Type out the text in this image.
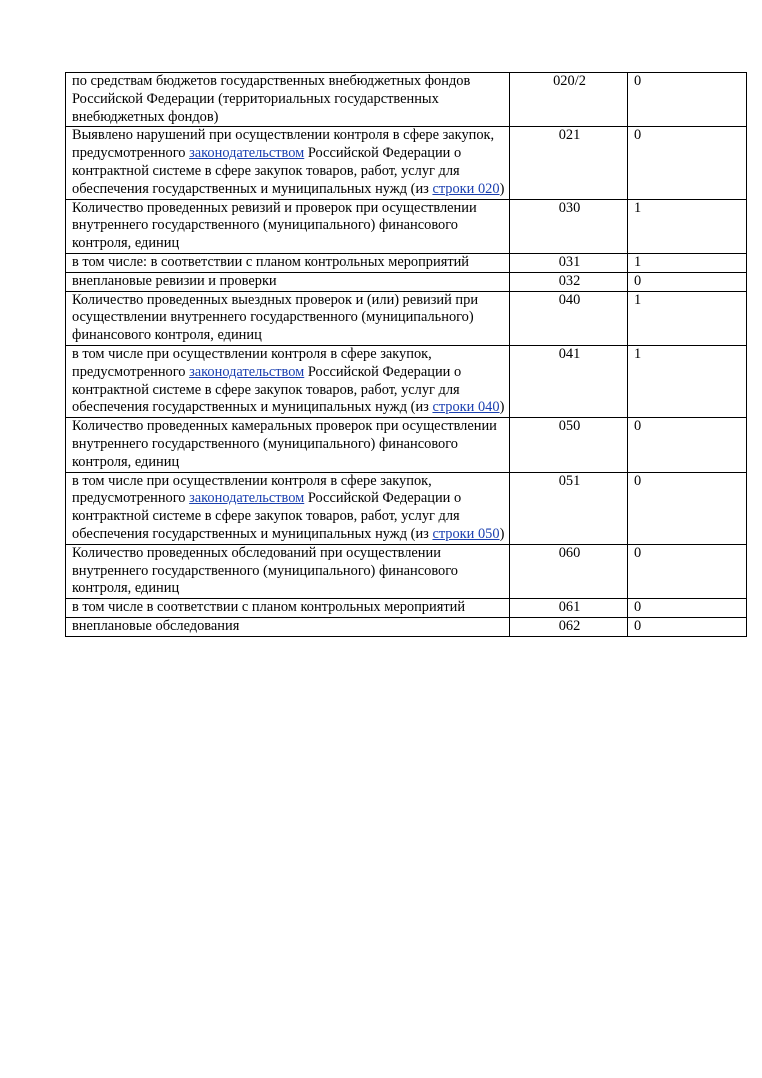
по средствам бюджетов государственных внебюджетных фондов Российской Федерации (территориальных государственных внебюджетных фондов)	020/2	0
Выявлено нарушений при осуществлении контроля в сфере закупок, предусмотренного законодательством Российской Федерации о контрактной системе в сфере закупок товаров, работ, услуг для обеспечения государственных и муниципальных нужд (из строки 020)	021	0
Количество проведенных ревизий и проверок при осуществлении внутреннего государственного (муниципального) финансового контроля, единиц	030	1
в том числе: в соответствии с планом контрольных мероприятий	031	1
внеплановые ревизии и проверки	032	0
Количество проведенных выездных проверок и (или) ревизий при осуществлении внутреннего государственного (муниципального) финансового контроля, единиц	040	1
в том числе при осуществлении контроля в сфере закупок, предусмотренного законодательством Российской Федерации о контрактной системе в сфере закупок товаров, работ, услуг для обеспечения государственных и муниципальных нужд (из строки 040)	041	1
Количество проведенных камеральных проверок при осуществлении внутреннего государственного (муниципального) финансового контроля, единиц	050	0
в том числе при осуществлении контроля в сфере закупок, предусмотренного законодательством Российской Федерации о контрактной системе в сфере закупок товаров, работ, услуг для обеспечения государственных и муниципальных нужд (из строки 050)	051	0
Количество проведенных обследований при осуществлении внутреннего государственного (муниципального) финансового контроля, единиц	060	0
в том числе в соответствии с планом контрольных мероприятий	061	0
внеплановые обследования	062	0
